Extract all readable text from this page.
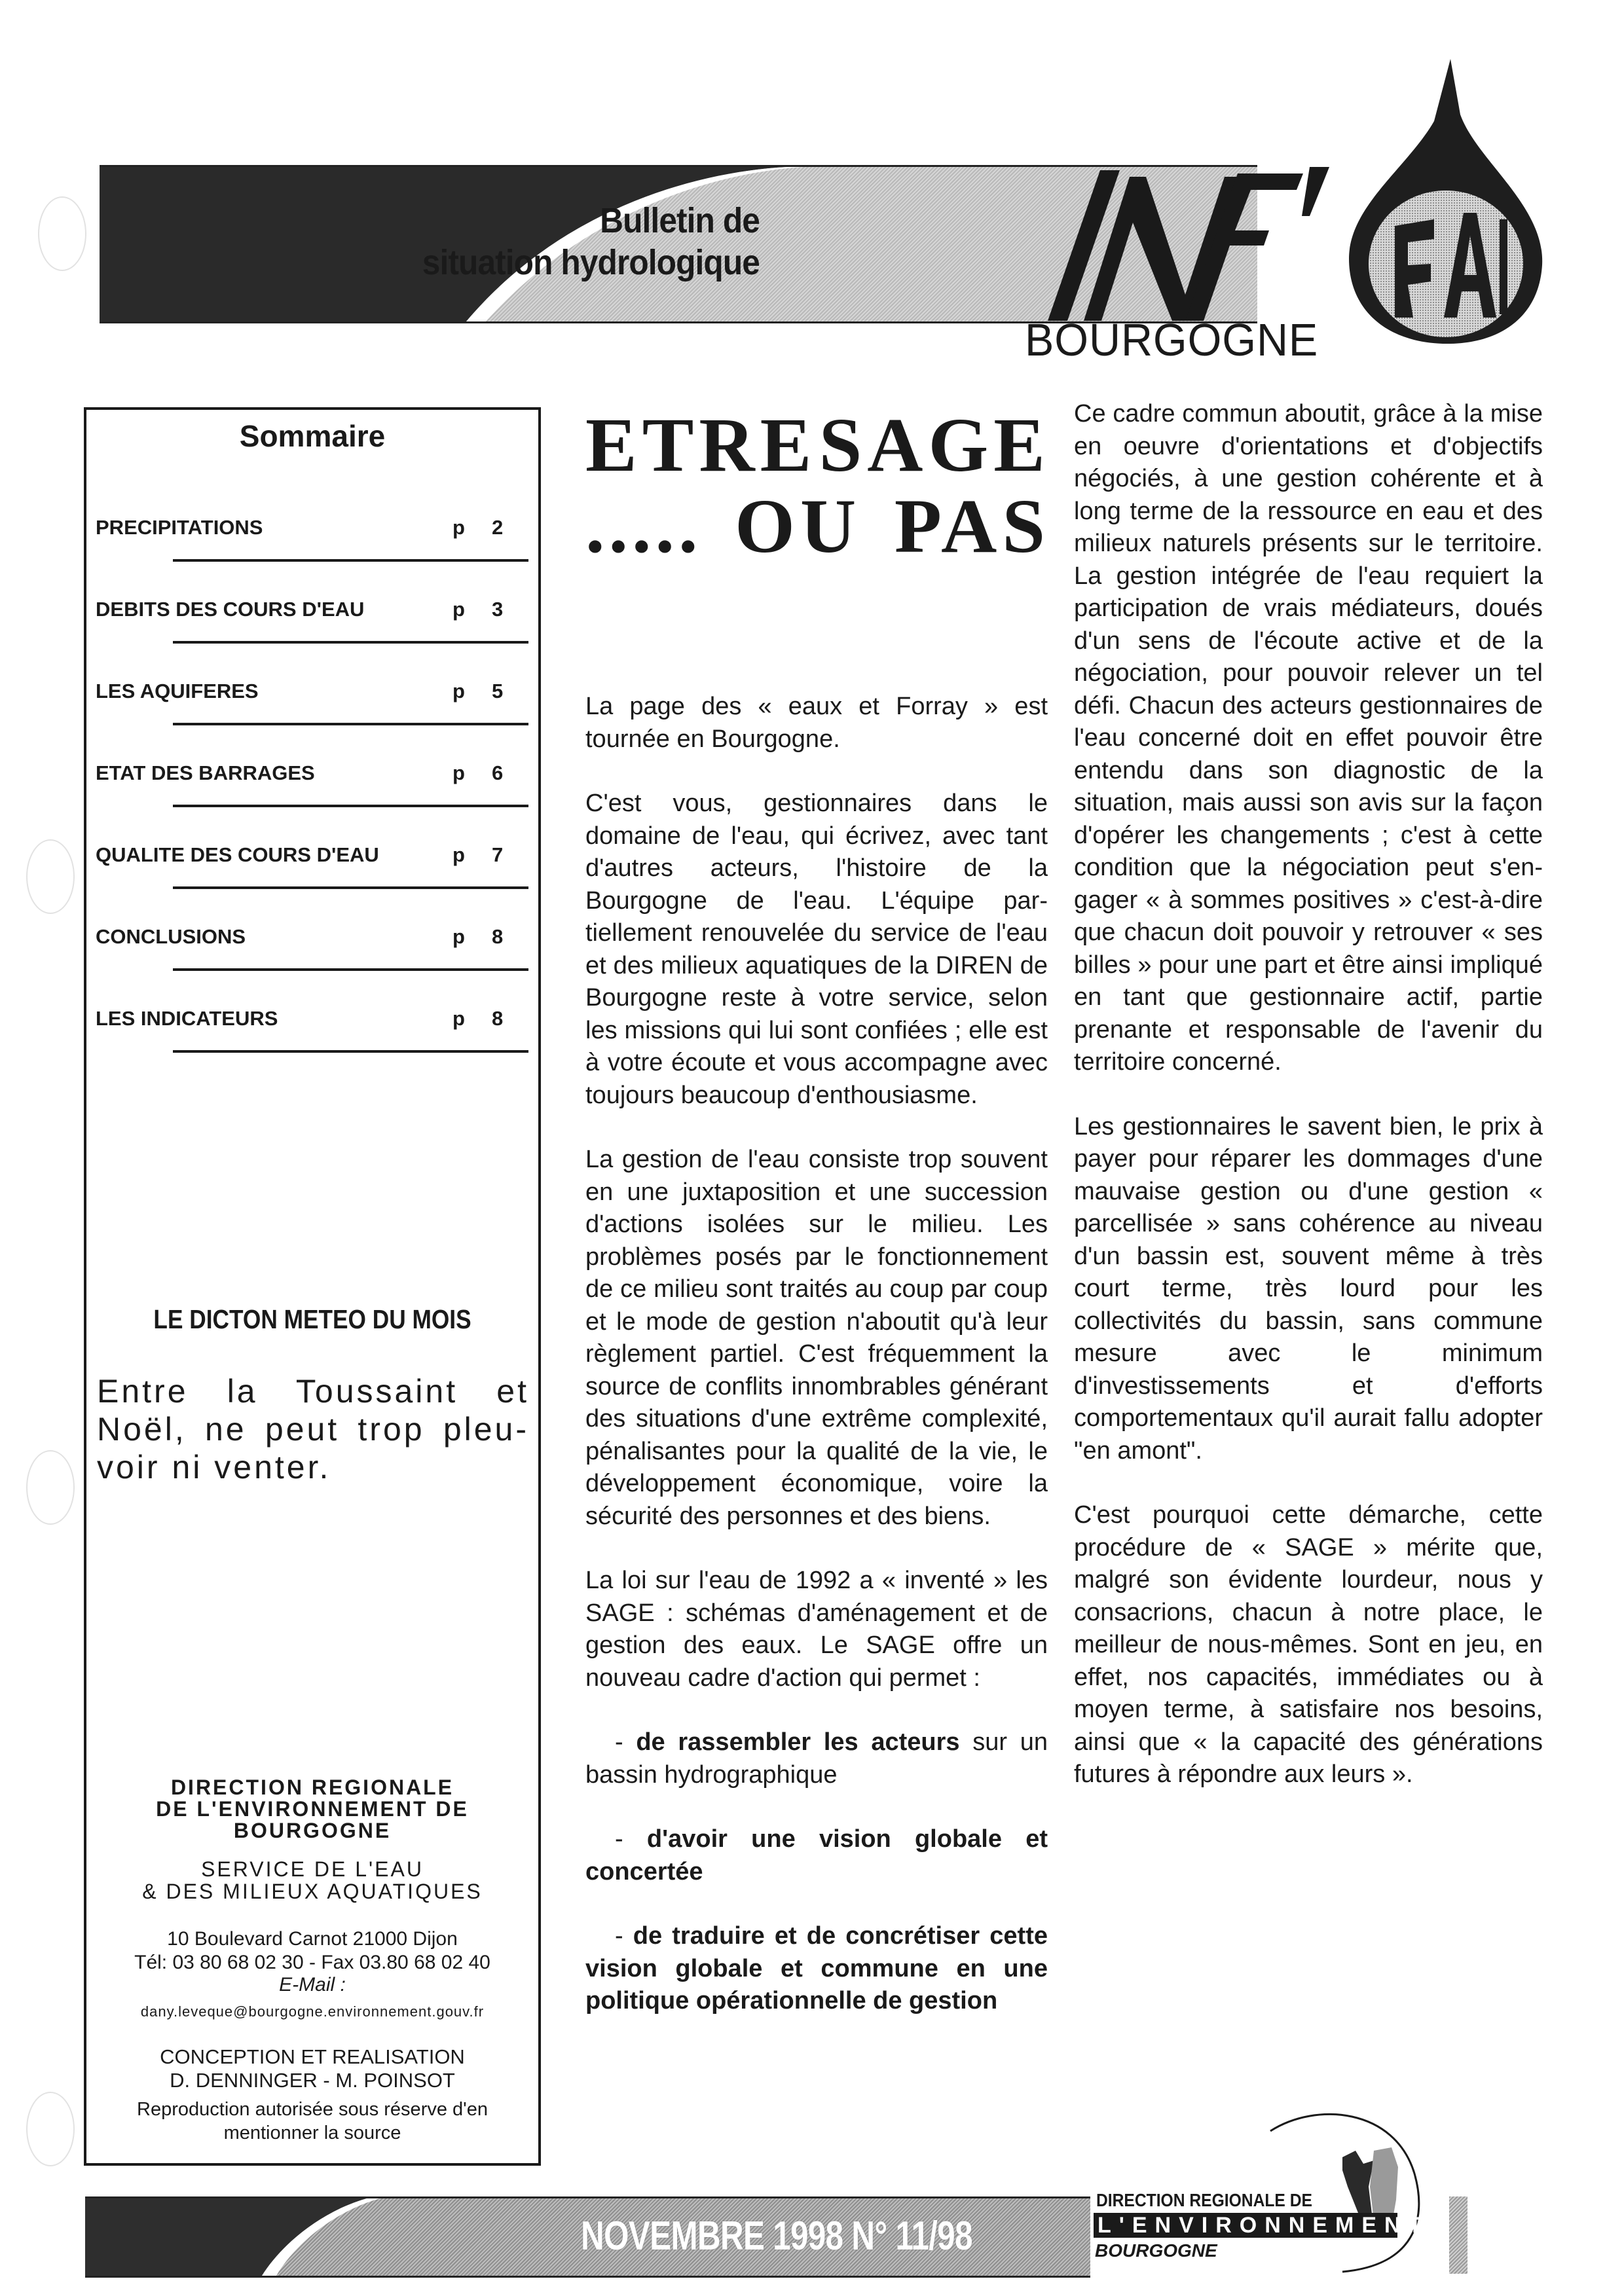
Bulletin de
situation hydrologique
BOURGOGNE
Sommaire
PRECIPITATIONS	p 2
DEBITS DES COURS D'EAU	p 3
LES AQUIFERES	p 5
ETAT DES BARRAGES	p 6
QUALITE DES COURS D'EAU	p 7
CONCLUSIONS	p 8
LES INDICATEURS	p 8
LE DICTON METEO DU MOIS
Entre la Toussaint et Noël, ne peut trop pleu-voir ni venter.
DIRECTION REGIONALE
DE L'ENVIRONNEMENT DE
BOURGOGNE
SERVICE DE L'EAU
& DES MILIEUX AQUATIQUES
10 Boulevard Carnot 21000 Dijon
Tél: 03 80 68 02 30 - Fax 03.80 68 02 40
E-Mail :
dany.leveque@bourgogne.environnement.gouv.fr
CONCEPTION ET REALISATION
D. DENNINGER - M. POINSOT
Reproduction autorisée sous réserve d'en
mentionner la source
ETRE SAGE
..... OU PAS

La page des « eaux et Forray » est tournée en Bourgogne.

C'est vous, gestionnaires dans le domaine de l'eau, qui écrivez, avec tant d'autres acteurs, l'histoire de la Bourgogne de l'eau. L'équipe partiellement renouvelée du service de l'eau et des milieux aquatiques de la DIREN de Bourgogne reste à votre service, selon les missions qui lui sont confiées ; elle est à votre écoute et vous accompagne avec toujours beaucoup d'enthousiasme.

La gestion de l'eau consiste trop souvent en une juxtaposition et une succession d'actions isolées sur le milieu. Les problèmes posés par le fonctionnement de ce milieu sont traités au coup par coup et le mode de gestion n'aboutit qu'à leur règlement partiel. C'est fréquemment la source de conflits innombrables générant des situations d'une extrême complexité, pénalisantes pour la qualité de la vie, le développement économique, voire la sécurité des personnes et des biens.

La loi sur l'eau de 1992 a « inventé » les SAGE : schémas d'aménagement et de gestion des eaux. Le SAGE offre un nouveau cadre d'action qui permet :

- de rassembler les acteurs sur un bassin hydrographique

- d'avoir une vision globale et concertée

- de traduire et de concrétiser cette vision globale et commune en une politique opérationnelle de gestion

Ce cadre commun aboutit, grâce à la mise en oeuvre d'orientations et d'objectifs négociés, à une gestion cohérente et à long terme de la ressource en eau et des milieux naturels présents sur le territoire. La gestion intégrée de l'eau requiert la participation de vrais médiateurs, doués d'un sens de l'écoute active et de la négociation, pour pouvoir relever un tel défi. Chacun des acteurs gestionnaires de l'eau concerné doit en effet pouvoir être entendu dans son diagnostic de la situation, mais aussi son avis sur la façon d'opérer les changements ; c'est à cette condition que la négociation peut s'engager « à sommes positives » c'est-à-dire que chacun doit pouvoir y retrouver « ses billes » pour une part et être ainsi impliqué en tant que gestionnaire actif, partie prenante et responsable de l'avenir du territoire concerné.

Les gestionnaires le savent bien, le prix à payer pour réparer les dommages d'une mauvaise gestion ou d'une gestion « parcellisée » sans cohérence au niveau d'un bassin est, souvent même à très court terme, très lourd pour les collectivités du bassin, sans commune mesure avec le minimum d'investissements et d'efforts comportementaux qu'il aurait fallu adopter "en amont".

C'est pourquoi cette démarche, cette procédure de « SAGE » mérite que, malgré son évidente lourdeur, nous y consacrions, chacun à notre place, le meilleur de nous-mêmes. Sont en jeu, en effet, nos capacités, immédiates ou à moyen terme, à satisfaire nos besoins, ainsi que « la capacité des générations futures à répondre aux leurs ».

NOVEMBRE 1998 N° 11/98
DIRECTION REGIONALE DE
L'ENVIRONNEMENT
BOURGOGNE
